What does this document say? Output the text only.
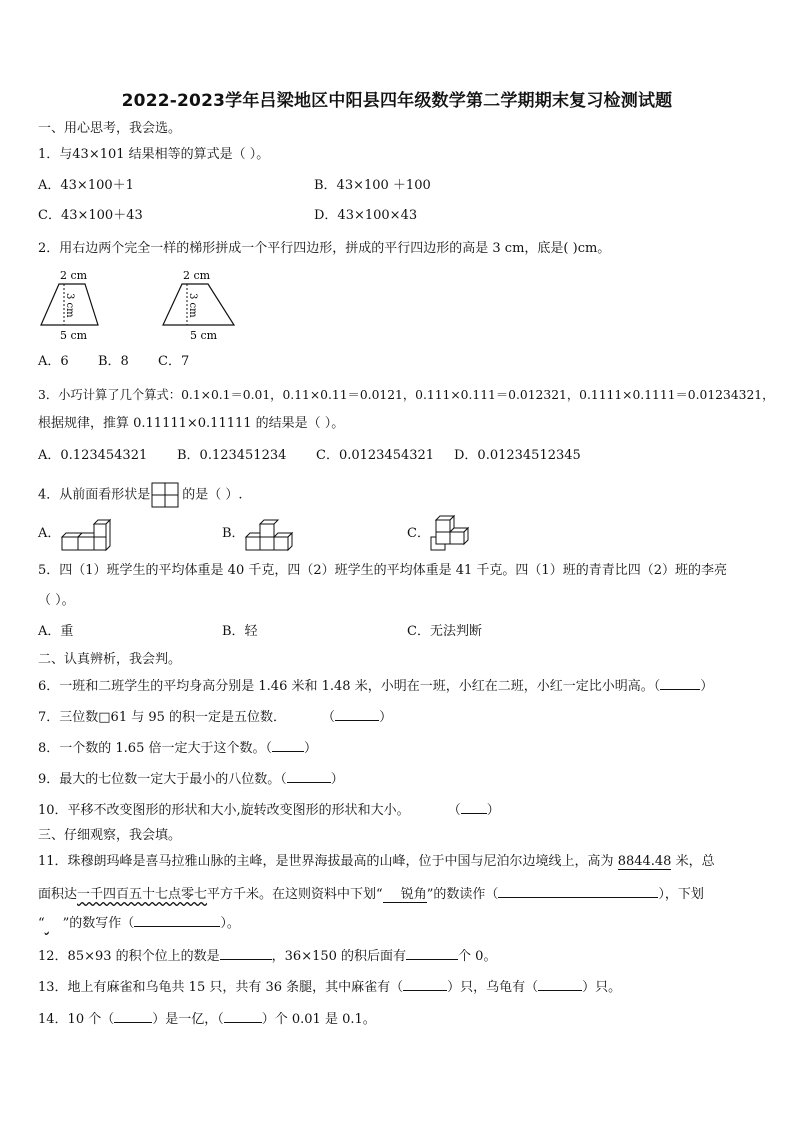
2022-2023学年吕梁地区中阳县四年级数学第二学期期末复习检测试题
一、用心思考，我会选。
1．与43×101 结果相等的算式是（ ）。
A．43×100＋1	B．43×100 ＋100
C．43×100＋43	D．43×100×43
2．用右边两个完全一样的梯形拼成一个平行四边形，拼成的平行四边形的高是 3 cm，底是( )cm。
2 cm
3 cm
5 cm
2 cm
3 cm
5 cm
A．6 B．8 C．7
3．小巧计算了几个算式：0.1×0.1＝0.01，0.11×0.11＝0.0121，0.111×0.111＝0.012321，0.1111×0.1111＝0.01234321，
根据规律，推算 0.11111×0.11111 的结果是（ ）。
A．0.123454321 B．0.123451234 C．0.0123454321 D．0.01234512345
4．从前面看形状是 的是（ ）.
A．	B．	C．
5．四（1）班学生的平均体重是 40 千克，四（2）班学生的平均体重是 41 千克。四（1）班的青青比四（2）班的李亮
（ ）。
A．重	B．轻	C．无法判断
二、认真辨析，我会判。
6．一班和二班学生的平均身高分别是 1.46 米和 1.48 米，小明在一班，小红在二班，小红一定比小明高。（	）
7．三位数□61 与 95 的积一定是五位数．	（	）
8．一个数的 1.65 倍一定大于这个数。（ ）
9．最大的七位数一定大于最小的八位数。（	）
10．平移不改变图形的形状和大小,旋转改变图形的形状和大小。	（ ）
三、仔细观察，我会填。
11．珠穆朗玛峰是喜马拉雅山脉的主峰，是世界海拔最高的山峰，位于中国与尼泊尔边境线上，高为 8844.48 米，总
面积达一千四百五十七点零七平方千米。在这则资料中下划“ 锐角”的数读作（	），下划
“ ”的数写作（	）。
12．85×93 的积个位上的数是	，36×150 的积后面有	个 0。
13．地上有麻雀和乌龟共 15 只，共有 36 条腿，其中麻雀有（	）只，乌龟有（	）只。
14．10 个（	）是一亿，（	）个 0.01 是 0.1。
